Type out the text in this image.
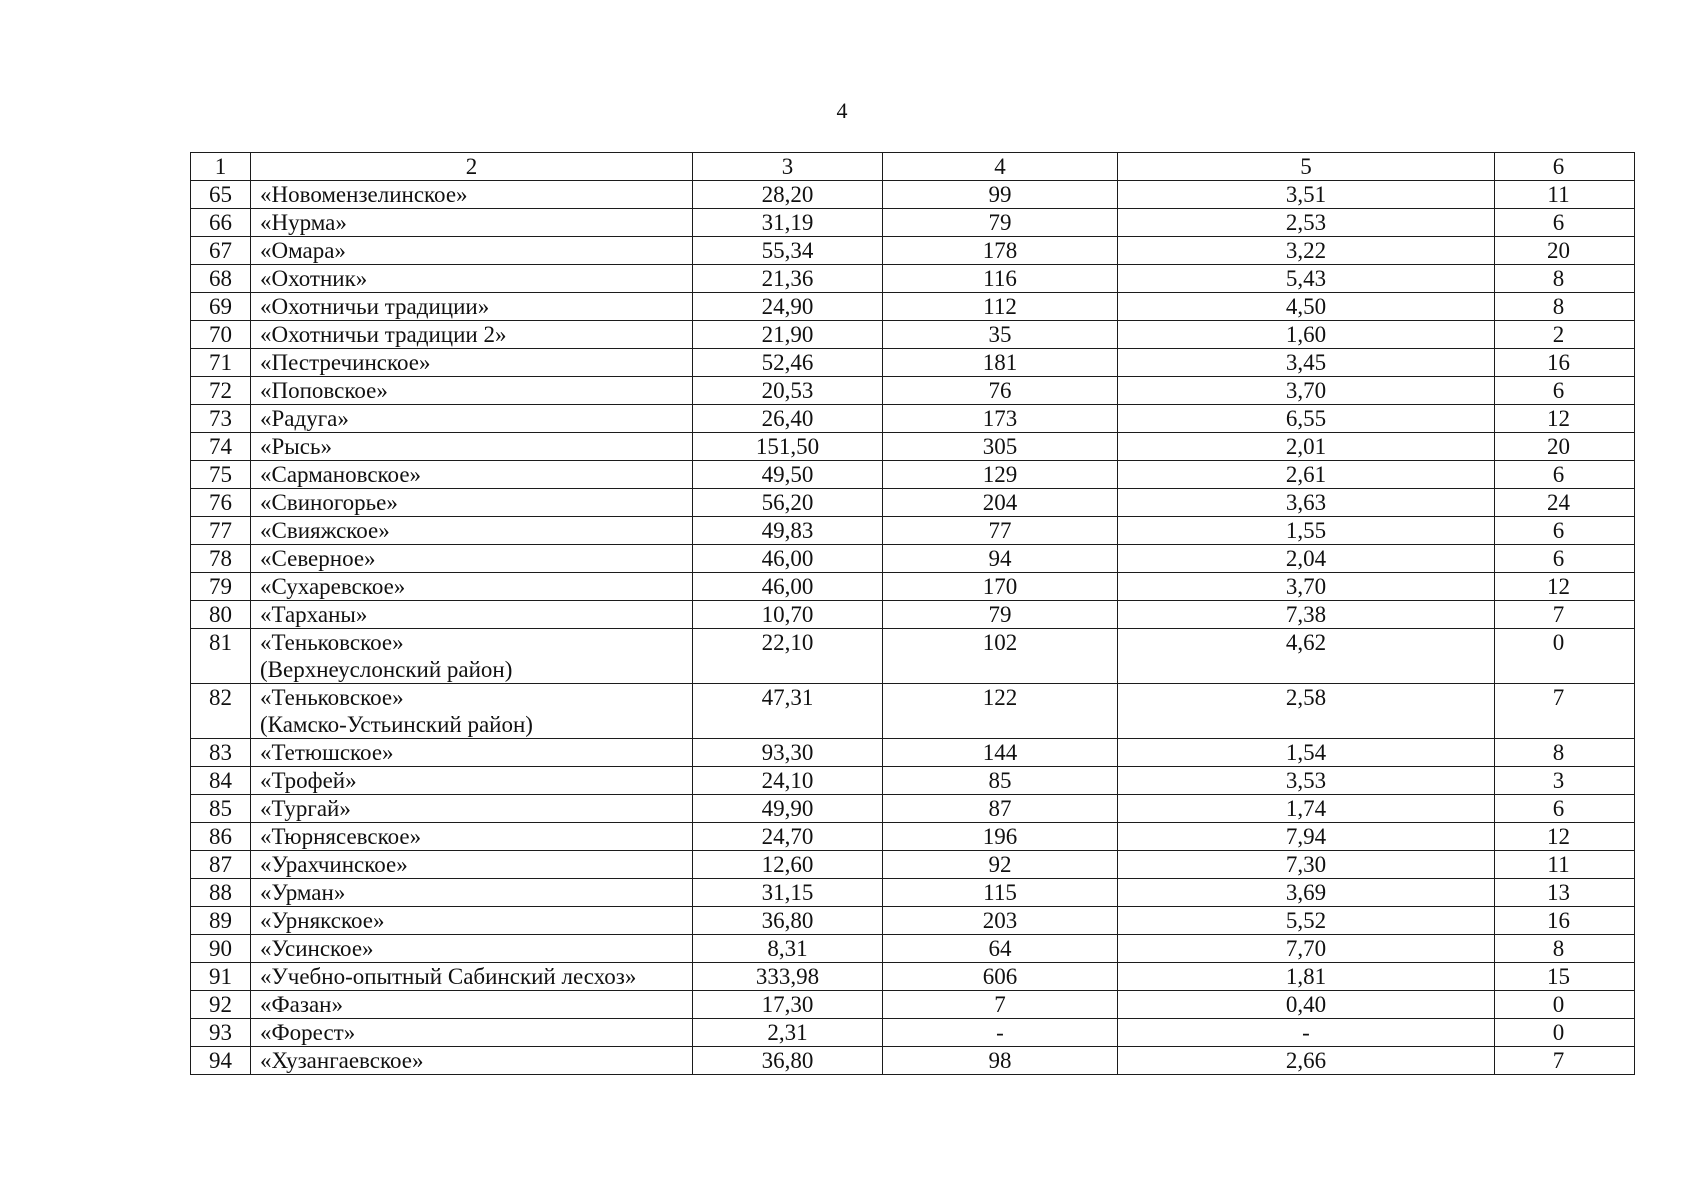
4
1	2	3	4	5	6
65	«Новомензелинское»	28,20	99	3,51	11
66	«Нурма»	31,19	79	2,53	6
67	«Омара»	55,34	178	3,22	20
68	«Охотник»	21,36	116	5,43	8
69	«Охотничьи традиции»	24,90	112	4,50	8
70	«Охотничьи традиции 2»	21,90	35	1,60	2
71	«Пестречинское»	52,46	181	3,45	16
72	«Поповское»	20,53	76	3,70	6
73	«Радуга»	26,40	173	6,55	12
74	«Рысь»	151,50	305	2,01	20
75	«Сармановское»	49,50	129	2,61	6
76	«Свиногорье»	56,20	204	3,63	24
77	«Свияжское»	49,83	77	1,55	6
78	«Северное»	46,00	94	2,04	6
79	«Сухаревское»	46,00	170	3,70	12
80	«Тарханы»	10,70	79	7,38	7
81	«Теньковское»
(Верхнеуслонский район)	22,10	102	4,62	0
82	«Теньковское»
(Камско-Устьинский район)	47,31	122	2,58	7
83	«Тетюшское»	93,30	144	1,54	8
84	«Трофей»	24,10	85	3,53	3
85	«Тургай»	49,90	87	1,74	6
86	«Тюрнясевское»	24,70	196	7,94	12
87	«Урахчинское»	12,60	92	7,30	11
88	«Урман»	31,15	115	3,69	13
89	«Урнякское»	36,80	203	5,52	16
90	«Усинское»	8,31	64	7,70	8
91	«Учебно-опытный Сабинский лесхоз»	333,98	606	1,81	15
92	«Фазан»	17,30	7	0,40	0
93	«Форест»	2,31	-	-	0
94	«Хузангаевское»	36,80	98	2,66	7
